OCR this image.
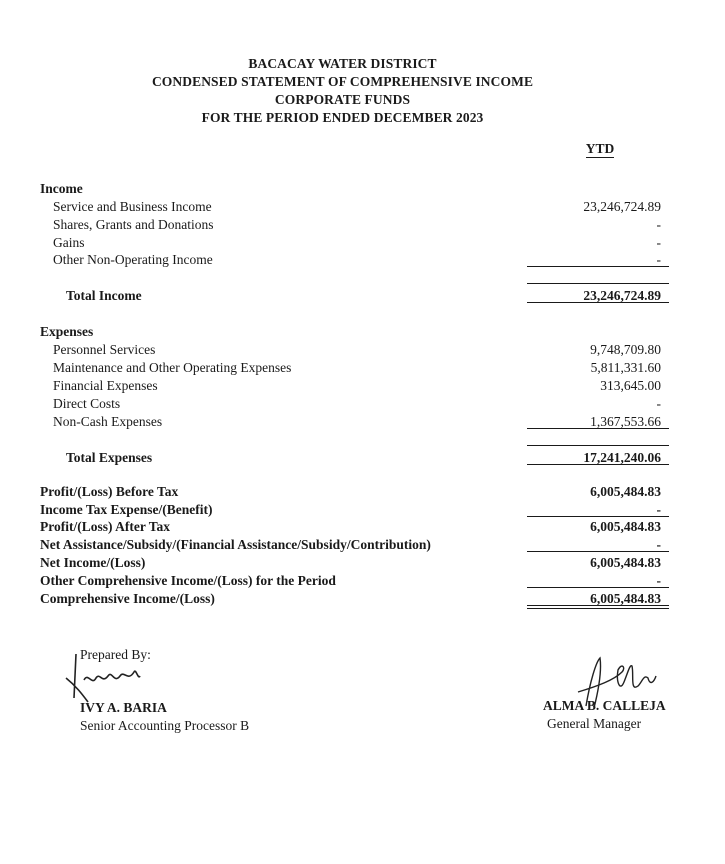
BACACAY WATER DISTRICT
CONDENSED STATEMENT OF COMPREHENSIVE INCOME
CORPORATE FUNDS
FOR THE PERIOD ENDED DECEMBER 2023
YTD
Income
Service and Business Income	23,246,724.89
Shares, Grants and Donations	-
Gains	-
Other Non-Operating Income	-
Total Income	23,246,724.89
Expenses
Personnel Services	9,748,709.80
Maintenance and Other Operating Expenses	5,811,331.60
Financial Expenses	313,645.00
Direct Costs	-
Non-Cash Expenses	1,367,553.66
Total Expenses	17,241,240.06
Profit/(Loss) Before Tax	6,005,484.83
Income Tax Expense/(Benefit)	-
Profit/(Loss) After Tax	6,005,484.83
Net Assistance/Subsidy/(Financial Assistance/Subsidy/Contribution)	-
Net Income/(Loss)	6,005,484.83
Other Comprehensive Income/(Loss) for the Period	-
Comprehensive Income/(Loss)	6,005,484.83
Prepared By:
IVY A. BARIA
Senior Accounting Processor B
ALMA B. CALLEJA
General Manager
